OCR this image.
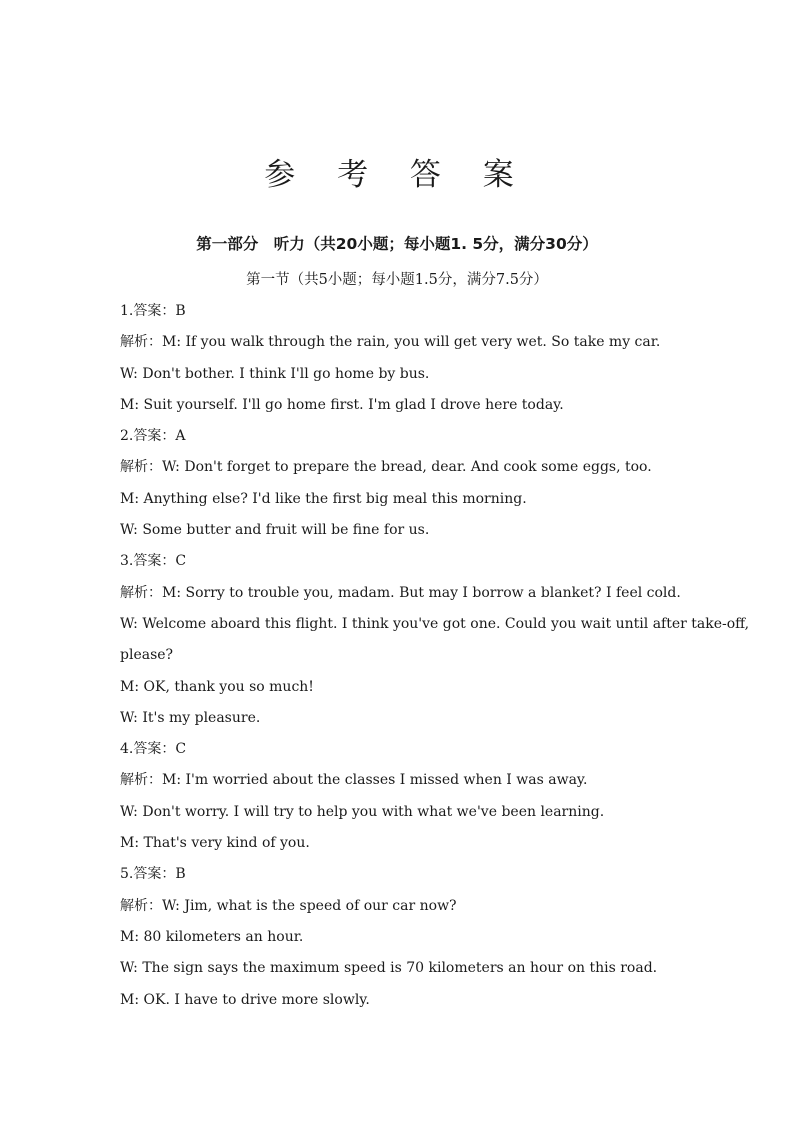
参 考 答 案
第一部分　听力（共20小题；每小题1. 5分，满分30分）
第一节（共5小题；每小题1.5分，满分7.5分）
1.答案：B
解析：M: If you walk through the rain, you will get very wet. So take my car.
W: Don't bother. I think I'll go home by bus.
M: Suit yourself. I'll go home first. I'm glad I drove here today.
2.答案：A
解析：W: Don't forget to prepare the bread, dear. And cook some eggs, too.
M: Anything else? I'd like the first big meal this morning.
W: Some butter and fruit will be fine for us.
3.答案：C
解析：M: Sorry to trouble you, madam. But may I borrow a blanket? I feel cold.
W: Welcome aboard this flight. I think you've got one. Could you wait until after take-off,
please?
M: OK, thank you so much!
W: It's my pleasure.
4.答案：C
解析：M: I'm worried about the classes I missed when I was away.
W: Don't worry. I will try to help you with what we've been learning.
M: That's very kind of you.
5.答案：B
解析：W: Jim, what is the speed of our car now?
M: 80 kilometers an hour.
W: The sign says the maximum speed is 70 kilometers an hour on this road.
M: OK. I have to drive more slowly.
